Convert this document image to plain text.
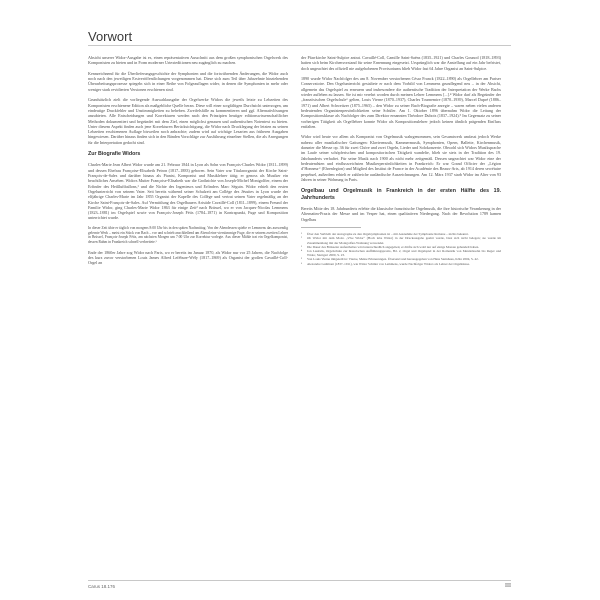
Vorwort

Absicht unserer Widor-Ausgabe ist es, einen repräsentativen Ausschnitt aus dem großen symphonischen Orgelwerk des Komponisten zu bieten und in Form moderner Urtexteditionen neu zugänglich zu machen.

Kennzeichnend für die Überlieferungsgeschichte der Symphonien und die fortwährenden Änderungen, die Widor auch noch nach den jeweiligen Erstveröffentlichungen vorgenommen hat. Diese sich zum Teil über Jahrzehnte hinziehenden Überarbeitungsprozesse spiegeln sich in einer Reihe von Folgeauflagen wider, in denen die Symphonien in mehr oder weniger stark revidierten Versionen erschienen sind.

Grundsätzlich zielt die vorliegende Auswahlausgabe der Orgelwerke Widors die jeweils letzte zu Lebzeiten des Komponisten erschienene Edition als maßgebliche Quelle heran. Diese will einer sorgfältigen Durchsicht unterzogen, um eindeutige Druckfehler und Unstimmigkeiten zu beheben. Zweifelsfälle zu kommentieren und ggf. Alternativlösungen anzubieten. Alle Entscheidungen und Korrekturen werden nach den Prinzipien heutiger editionswissenschaftlicher Methoden dokumentiert und begründet mit dem Ziel, einen möglichst genauen und authentischen Notentext zu bieten. Unter diesem Aspekt finden auch jene Korrekturen Berücksichtigung, die Widor nach Drucklegung der letzten zu seinen Lebzeiten erschienenen Auflage bisweilen noch anbrachte; zudem wird auf wichtige Lesarten aus früheren Ausgaben hingewiesen. Darüber hinaus finden sich in den Bänden Vorschläge zur Ausführung einzelner Stellen, die als Anregungen für die Interpretation gedacht sind.

Zur Biografie Widors

Charles-Marie Jean Albert Widor wurde am 21. Februar 1844 in Lyon als Sohn von François-Charles Widor (1811–1899) und dessen Ehefrau Françoise-Elisabeth Peiron (1817–1883) geboren. Sein Vater war Titularorganist der Kirche Saint-François-de-Sales und darüber hinaus als Pianist, Komponist und Musiklehrer tätig; er genoss als Musiker ein beachtliches Ansehen. Widors Mutter Françoise-Elisabeth war die Großnichte von Joseph-Michel Montgolfier, einem der Erfinder des Heißluftballons,¹ und die Nichte des Ingenieurs und Erfinders Marc Séguin. Widor erhielt den ersten Orgelunterricht von seinem Vater. Seit bereits während seiner Schulzeit am Collège des Jésuites in Lyon wurde der elfjährige Charles-Marie im Jahr 1855 Organist der Kapelle des Collège und vertrat seinen Vater regelmäßig an der Kirche Saint-François-de-Sales. Auf Vermittlung des Orgelbauers Aristide Cavaillé-Coll (1811–1899), einem Freund der Familie Widor, ging Charles-Marie Widor 1863 für einige Zeit² nach Brüssel, wo er von Jacques-Nicolas Lemmens (1823–1881) im Orgelspiel sowie von François-Joseph Fétis (1784–1871) in Kontrapunkt, Fuge und Komposition unterrichtet wurde.

In dieser Zeit übte er täglich von morgens 8:00 Uhr bis in den späten Nachmittag. Von der Abendessen spielte er Lemmens das auswendig gelernte Werk – meist ein Stück von Bach – vor und schrieb anschließend am Abend eine vierstimmige Fuge, die er seinem zweiten Lehrer in Brüssel, François-Joseph Fétis, am nächsten Morgen um 7:00 Uhr zur Korrektur vorlegte. Aus dieser Mühle trat ein Orgelkomponist, dessen Ruhm in Frankreich schnell verbreitete.³

Ende der 1860er Jahre zog Widor nach Paris, wo er bereits im Januar 1870, als Widor nur vor 25 Jahren, die Nachfolge des kurz zuvor verstorbenen Louis James Alfred Lefébure-Wély (1817–1869) als Organist der großen Cavaillé-Coll-Orgel an

der Pfarrkirche Saint-Sulpice antrat. Cavaillé-Coll, Camille Saint-Saëns (1835–1921) und Charles Gounod (1818–1893) hatten sich beim Kirchenvorstand für seine Ernennung eingesetzt. Ursprünglich war die Anstellung auf ein Jahr befristet, doch ungeachtet des offiziell nie aufgehobenen Provisoriums blieb Widor fast 64 Jahre Organist an Saint-Sulpice.

1890 wurde Widor Nachfolger des am 8. November verstorbenen César Franck (1822–1890) als Orgellehrer am Pariser Conservatoire. Den Orgelunterricht gestaltete er nach dem Vorbild von Lemmens grundlegend neu – in der Absicht, allgemein das Orgelspiel zu erneuern und insbesondere die authentische Tradition der Interpretation der Werke Bachs wieder aufleben zu lassen. Sie ist mir verehrt worden durch meinen Lehrer Lemmens [...].⁴ Widor darf als Begründer der „französischen Orgelschule“ gelten, Louis Vierne (1870–1937), Charles Tournemire (1870–1939), Marcel Dupré (1886–1971) und Albert Schweitzer (1875–1965) – den Widor zu seiner Bach-Biografie anregte – waren neben vielen anderen bedeutenden Organistenpersönlichkeiten seine Schüler. Am 1. Oktober 1896 übernahm Widor die Leitung der Kompositionsklasse als Nachfolger des zum Direktor ernannten Théodore Dubois (1837–1924).⁵ Im Gegensatz zu seiner vorherigen Tätigkeit als Orgellehrer konnte Widor als Kompositionslehrer jedoch keinen ähnlich prägenden Einfluss entfalten.

Widor wird heute vor allem als Komponist von Orgelmusik wahrgenommen, sein Gesamtwerk umfasst jedoch Werke nahezu aller musikalischer Gattungen: Klaviermusik, Kammermusik, Symphonien, Opern, Ballette, Kirchenmusik, darunter die Messe op. 36 für zwei Chöre und zwei Orgeln, Lieder und Solokonzerte. Obwohl sich Widors Musiksprache im Laufe seiner schöpferischen und kompositorischen Tätigkeit wandelte, blieb sie stets in der Tradition des 19. Jahrhunderts verhaftet. Für seine Musik nach 1900 als nicht mehr zeitgemäß. Dessen ungeachtet war Widor eine der bedeutendsten und einflussreichsten Musikerpersönlichkeiten in Frankreich: Er war Grand Officier der „Légion d’Honneur“ (Ehrenlegion) und Mitglied des Institut de France in der Académie des Beaux-Arts, ab 1914 deren secrétaire perpétuel, außerdem erhielt er zahlreiche ausländische Auszeichnungen. Am 12. März 1937 starb Widor im Alter von 93 Jahren in seiner Wohnung in Paris.

Orgelbau und Orgelmusik in Frankreich in der ersten Hälfte des 19. Jahrhunderts

Bereits Mitte des 18. Jahrhunderts erlebte die klassische französische Orgelmusik, die ihre historische Verankerung in der Alternatim-Praxis der Messe und im Vesper hat, einen qualitativen Niedergang. Nach der Revolution 1789 kamen Orgelbau

¹	Über den Verbleib der Autographe zu den Orgelsymphonien ist – mit Ausnahme der Symphonie Romane – nichts bekannt.
²	Ob Widor mit dem Motto „Vive Widor“ (Hoch lebe Widor) in der Druckausgabe geehrt wurde, lässt sich nicht belegen; sie wurde im Zusammenhang mit der Montgolfier-Wohnung verwendet.
³	Die Dauer des Brüsseler Aufenthaltes wird unterschiedlich angegeben; er dürfte sich wohl nur auf einige Monate gehandelt haben.
⁴	Jon Laukvik, Orgelschule zur historischen Aufführungspraxis, Bd. 2, Orgel und Orgelspiel in der Romantik von Mendelssohn bis Reger und Widor, Stuttgart 2000, S. 23.
⁵	Von Louis Vierne mitgeteilt in: Vierne, Meine Erinnerungen. Übersetzt und herausgegeben von Hans Steinhaus, Köln 2004, S. 42.
⁶	Alexandre Guilmant (1837–1911), wie Widor Schüler von Lemmens, wurde Nachfolger Widors als Lehrer der Orgelklasse.
Carus 18.176	III
